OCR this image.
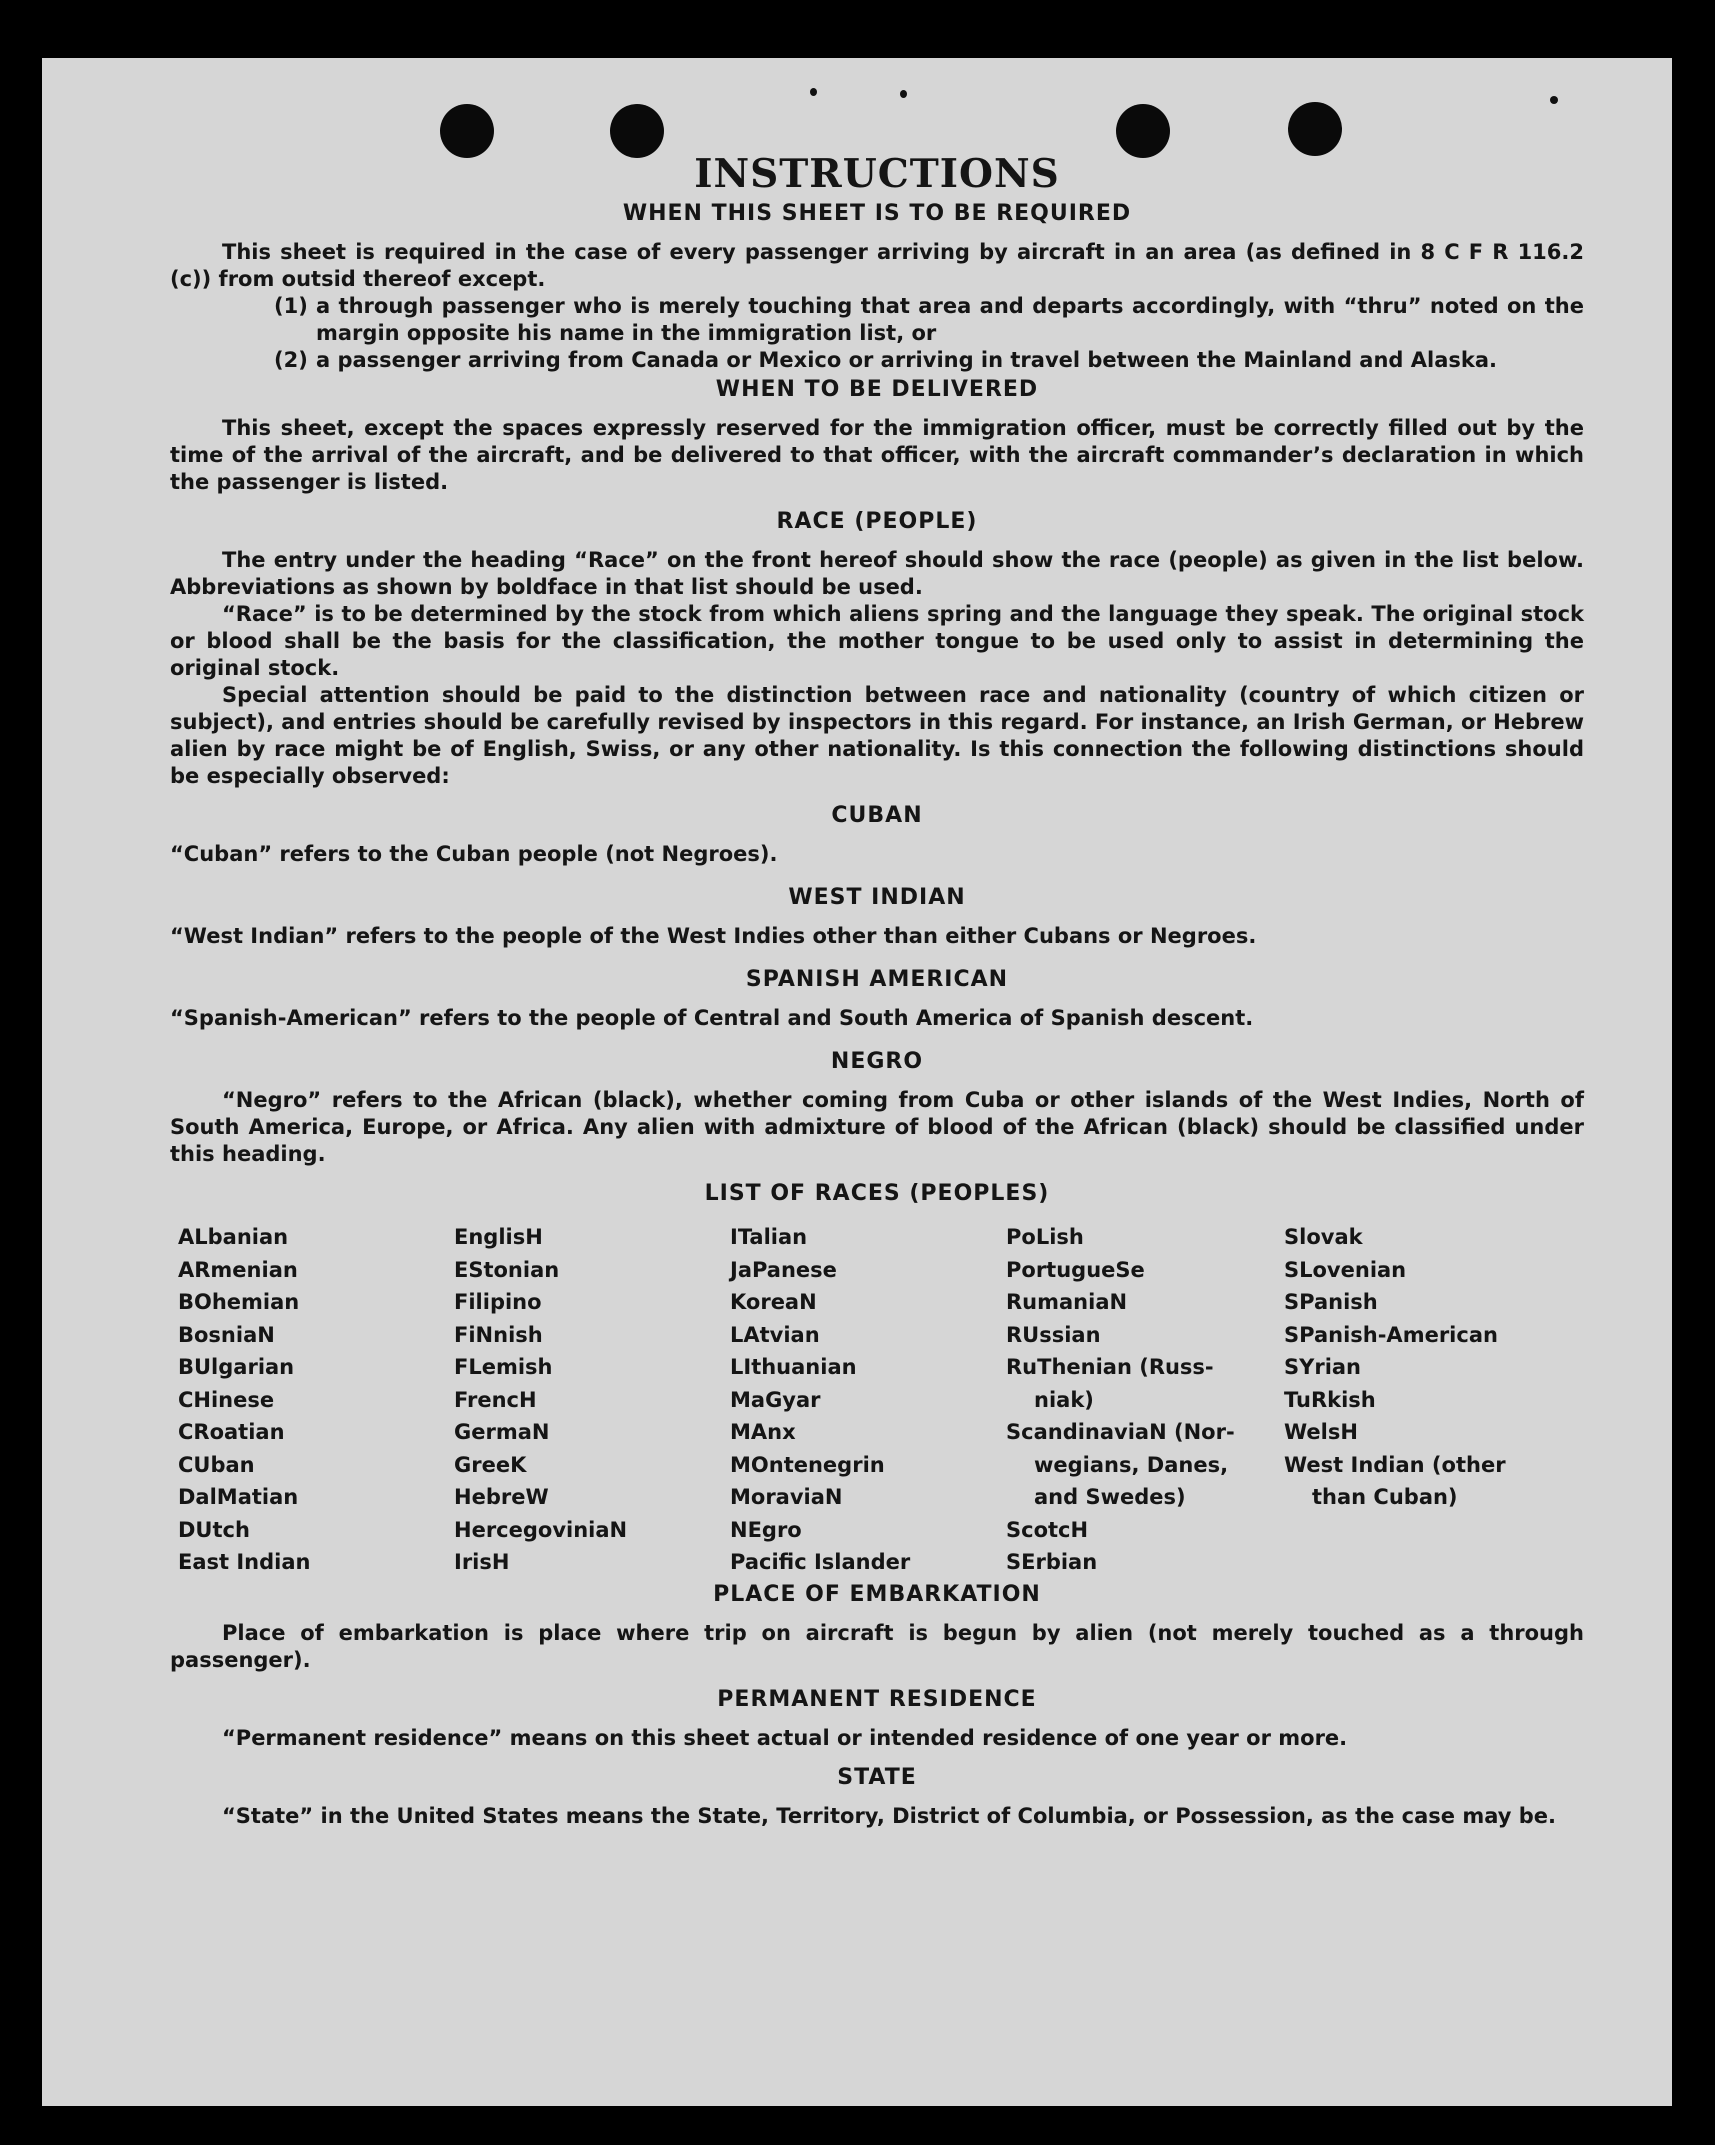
INSTRUCTIONS
WHEN THIS SHEET IS TO BE REQUIRED

This sheet is required in the case of every passenger arriving by aircraft in an area (as defined in 8 C F R 116.2 (c)) from outsid thereof except.

(1) a through passenger who is merely touching that area and departs accordingly, with “thru” noted on the margin opposite his name in the immigration list, or
(2) a passenger arriving from Canada or Mexico or arriving in travel between the Mainland and Alaska.
WHEN TO BE DELIVERED

This sheet, except the spaces expressly reserved for the immigration officer, must be correctly filled out by the time of the arrival of the aircraft, and be delivered to that officer, with the aircraft commander’s declaration in which the passenger is listed.

RACE (PEOPLE)

The entry under the heading “Race” on the front hereof should show the race (people) as given in the list below. Abbreviations as shown by boldface in that list should be used.

“Race” is to be determined by the stock from which aliens spring and the language they speak. The original stock or blood shall be the basis for the classification, the mother tongue to be used only to assist in determining the original stock.

Special attention should be paid to the distinction between race and nationality (country of which citizen or subject), and entries should be carefully revised by inspectors in this regard. For instance, an Irish German, or Hebrew alien by race might be of English, Swiss, or any other nationality. Is this connection the following distinctions should be especially observed:

CUBAN

“Cuban” refers to the Cuban people (not Negroes).

WEST INDIAN

“West Indian” refers to the people of the West Indies other than either Cubans or Negroes.

SPANISH AMERICAN

“Spanish-American” refers to the people of Central and South America of Spanish descent.

NEGRO

“Negro” refers to the African (black), whether coming from Cuba or other islands of the West Indies, North of South America, Europe, or Africa. Any alien with admixture of blood of the African (black) should be classified under this heading.

LIST OF RACES (PEOPLES)
ALbanian
ARmenian
BOhemian
BosniaN
BUlgarian
CHinese
CRoatian
CUban
DalMatian
DUtch
East Indian
EnglisH
EStonian
Filipino
FiNnish
FLemish
FrencH
GermaN
GreeK
HebreW
HercegoviniaN
IrisH
ITalian
JaPanese
KoreaN
LAtvian
LIthuanian
MaGyar
MAnx
MOntenegrin
MoraviaN
NEgro
Pacific Islander
PoLish
PortugueSe
RumaniaN
RUssian
RuThenian (Russ-
niak)
ScandinaviaN (Nor-
wegians, Danes,
and Swedes)
ScotcH
SErbian
Slovak
SLovenian
SPanish
SPanish-American
SYrian
TuRkish
WelsH
West Indian (other
than Cuban)
PLACE OF EMBARKATION

Place of embarkation is place where trip on aircraft is begun by alien (not merely touched as a through passenger).

PERMANENT RESIDENCE

“Permanent residence” means on this sheet actual or intended residence of one year or more.

STATE

“State” in the United States means the State, Territory, District of Columbia, or Possession, as the case may be.
